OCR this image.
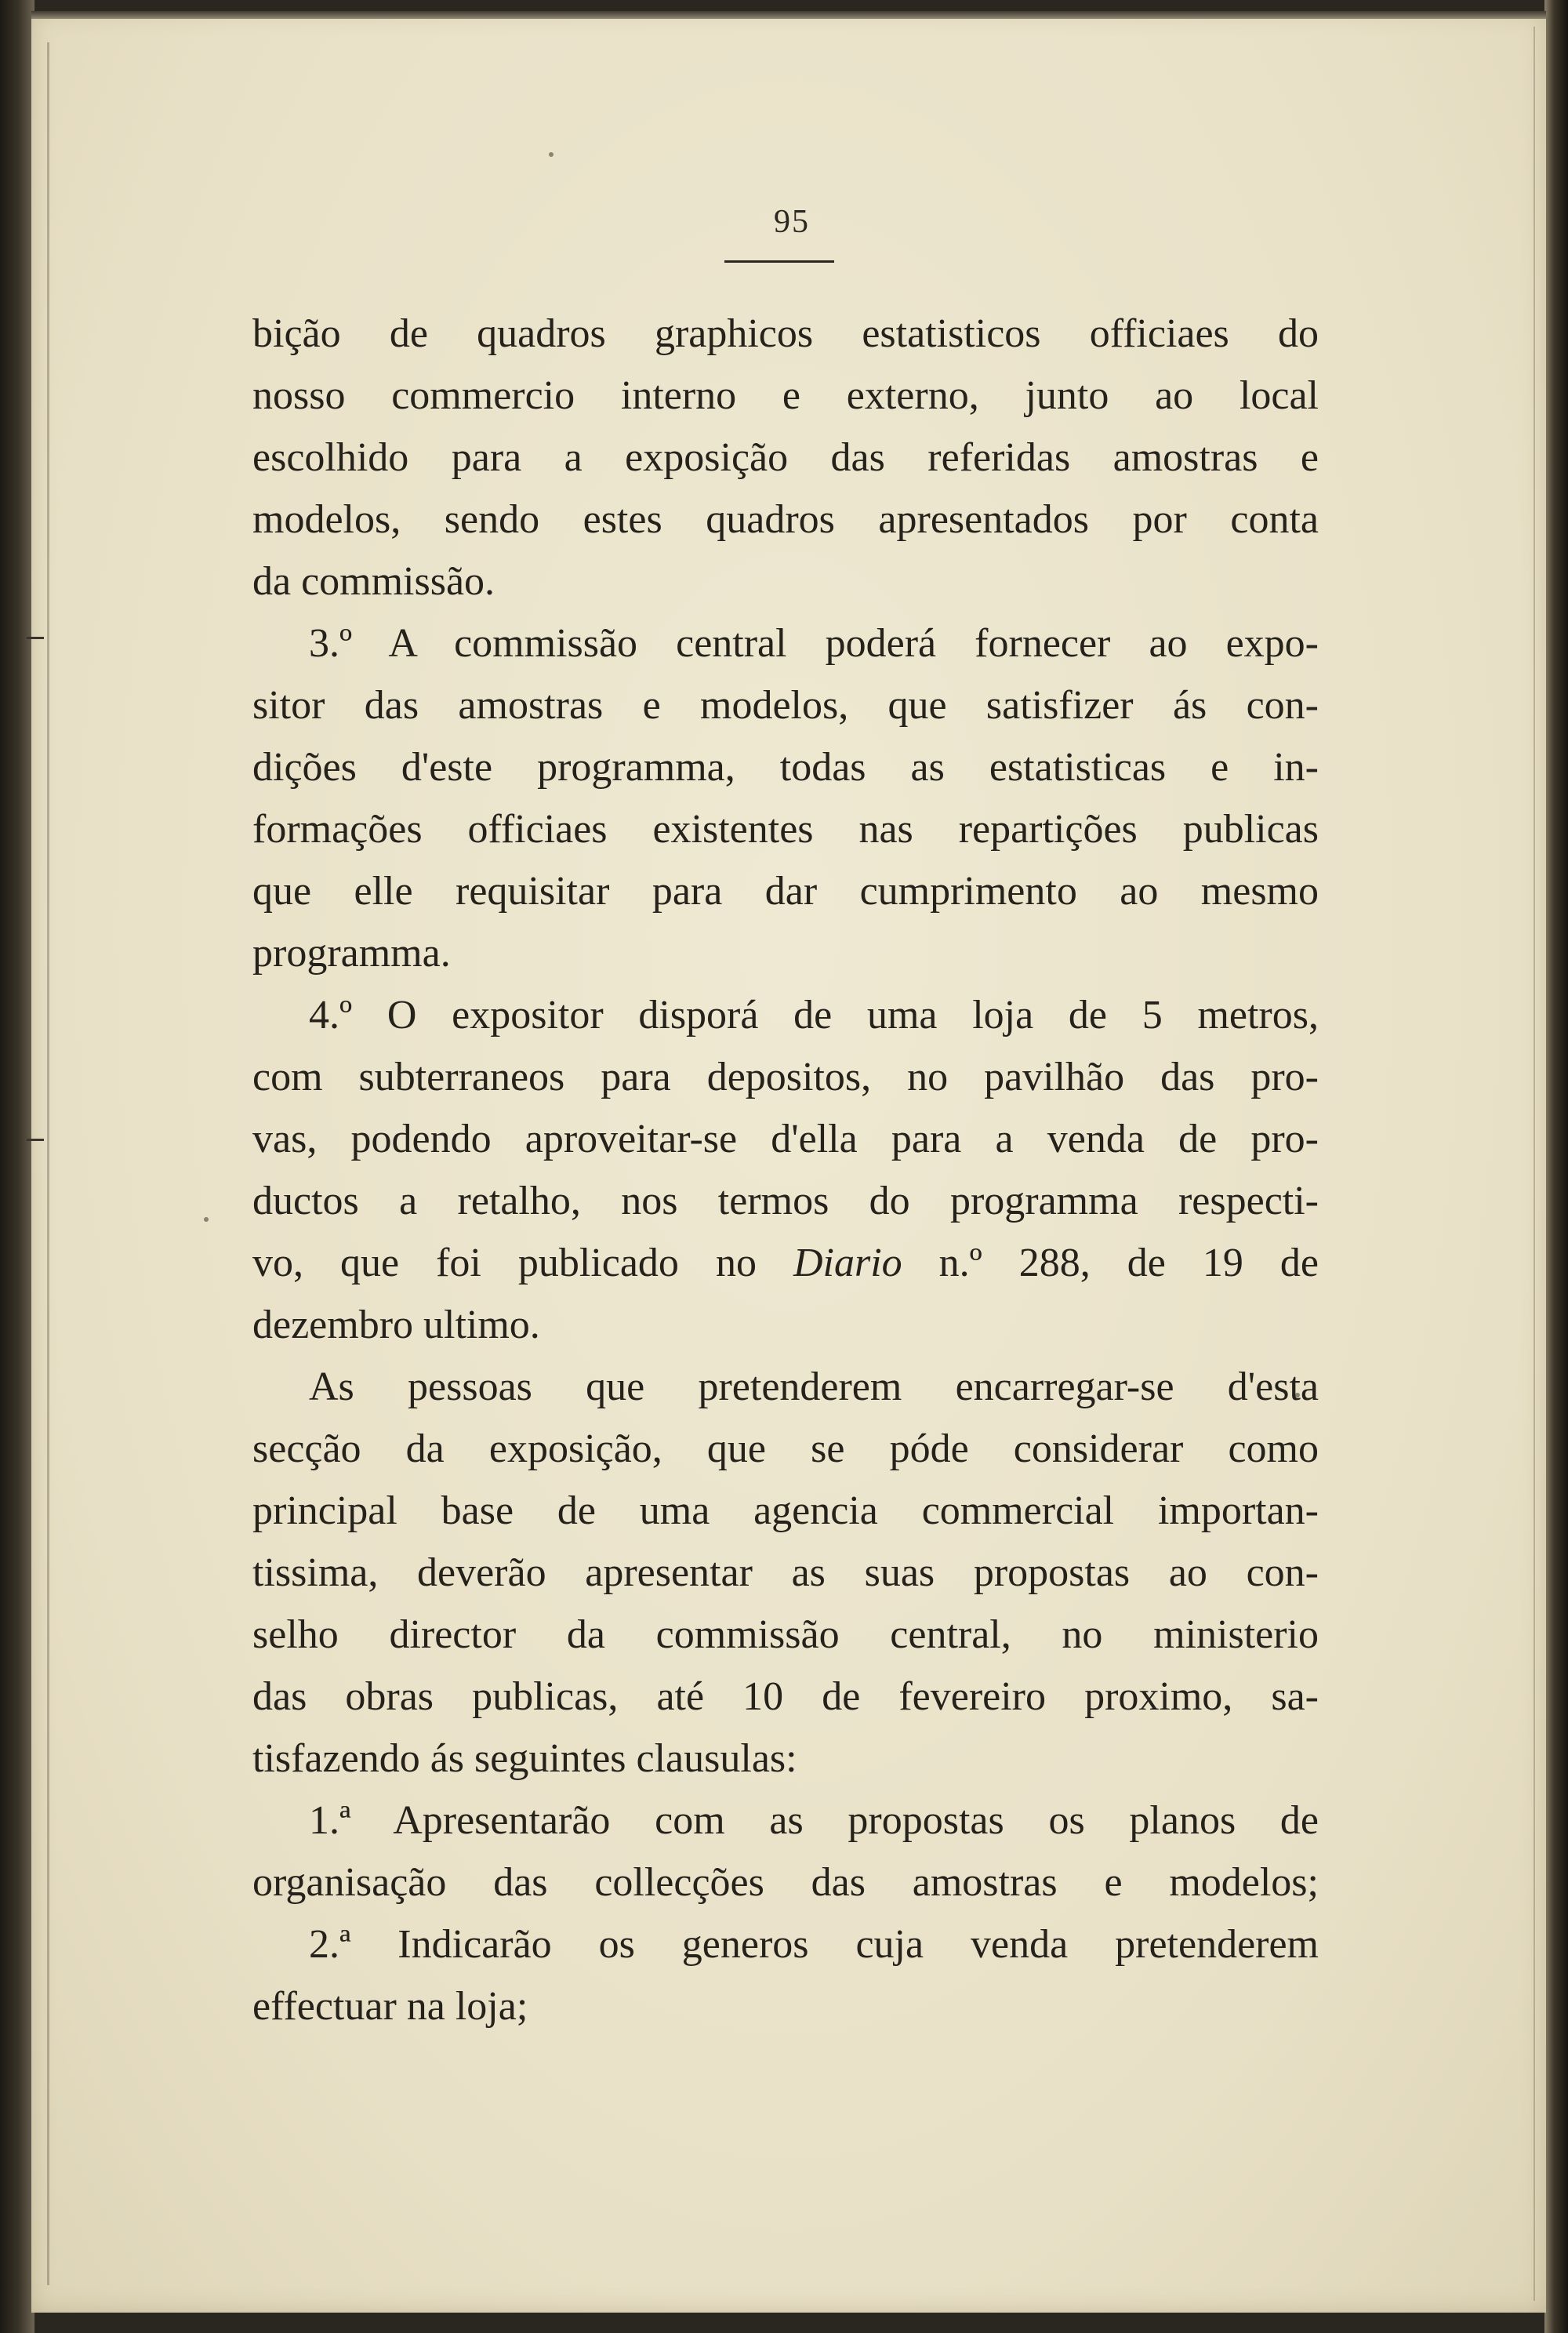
95
bição de quadros graphicos estatisticos officiaes do
nosso commercio interno e externo, junto ao local
escolhido para a exposição das referidas amostras e
modelos, sendo estes quadros apresentados por conta
da commissão.
3.º A commissão central poderá fornecer ao expo-
sitor das amostras e modelos, que satisfizer ás con-
dições d'este programma, todas as estatisticas e in-
formações officiaes existentes nas repartições publicas
que elle requisitar para dar cumprimento ao mesmo
programma.
4.º O expositor disporá de uma loja de 5 metros,
com subterraneos para depositos, no pavilhão das pro-
vas, podendo aproveitar-se d'ella para a venda de pro-
ductos a retalho, nos termos do programma respecti-
vo, que foi publicado no Diario n.º 288, de 19 de
dezembro ultimo.
As pessoas que pretenderem encarregar-se d'esta
secção da exposição, que se póde considerar como
principal base de uma agencia commercial importan-
tissima, deverão apresentar as suas propostas ao con-
selho director da commissão central, no ministerio
das obras publicas, até 10 de fevereiro proximo, sa-
tisfazendo ás seguintes clausulas:
1.ª Apresentarão com as propostas os planos de
organisação das collecções das amostras e modelos;
2.ª Indicarão os generos cuja venda pretenderem
effectuar na loja;
